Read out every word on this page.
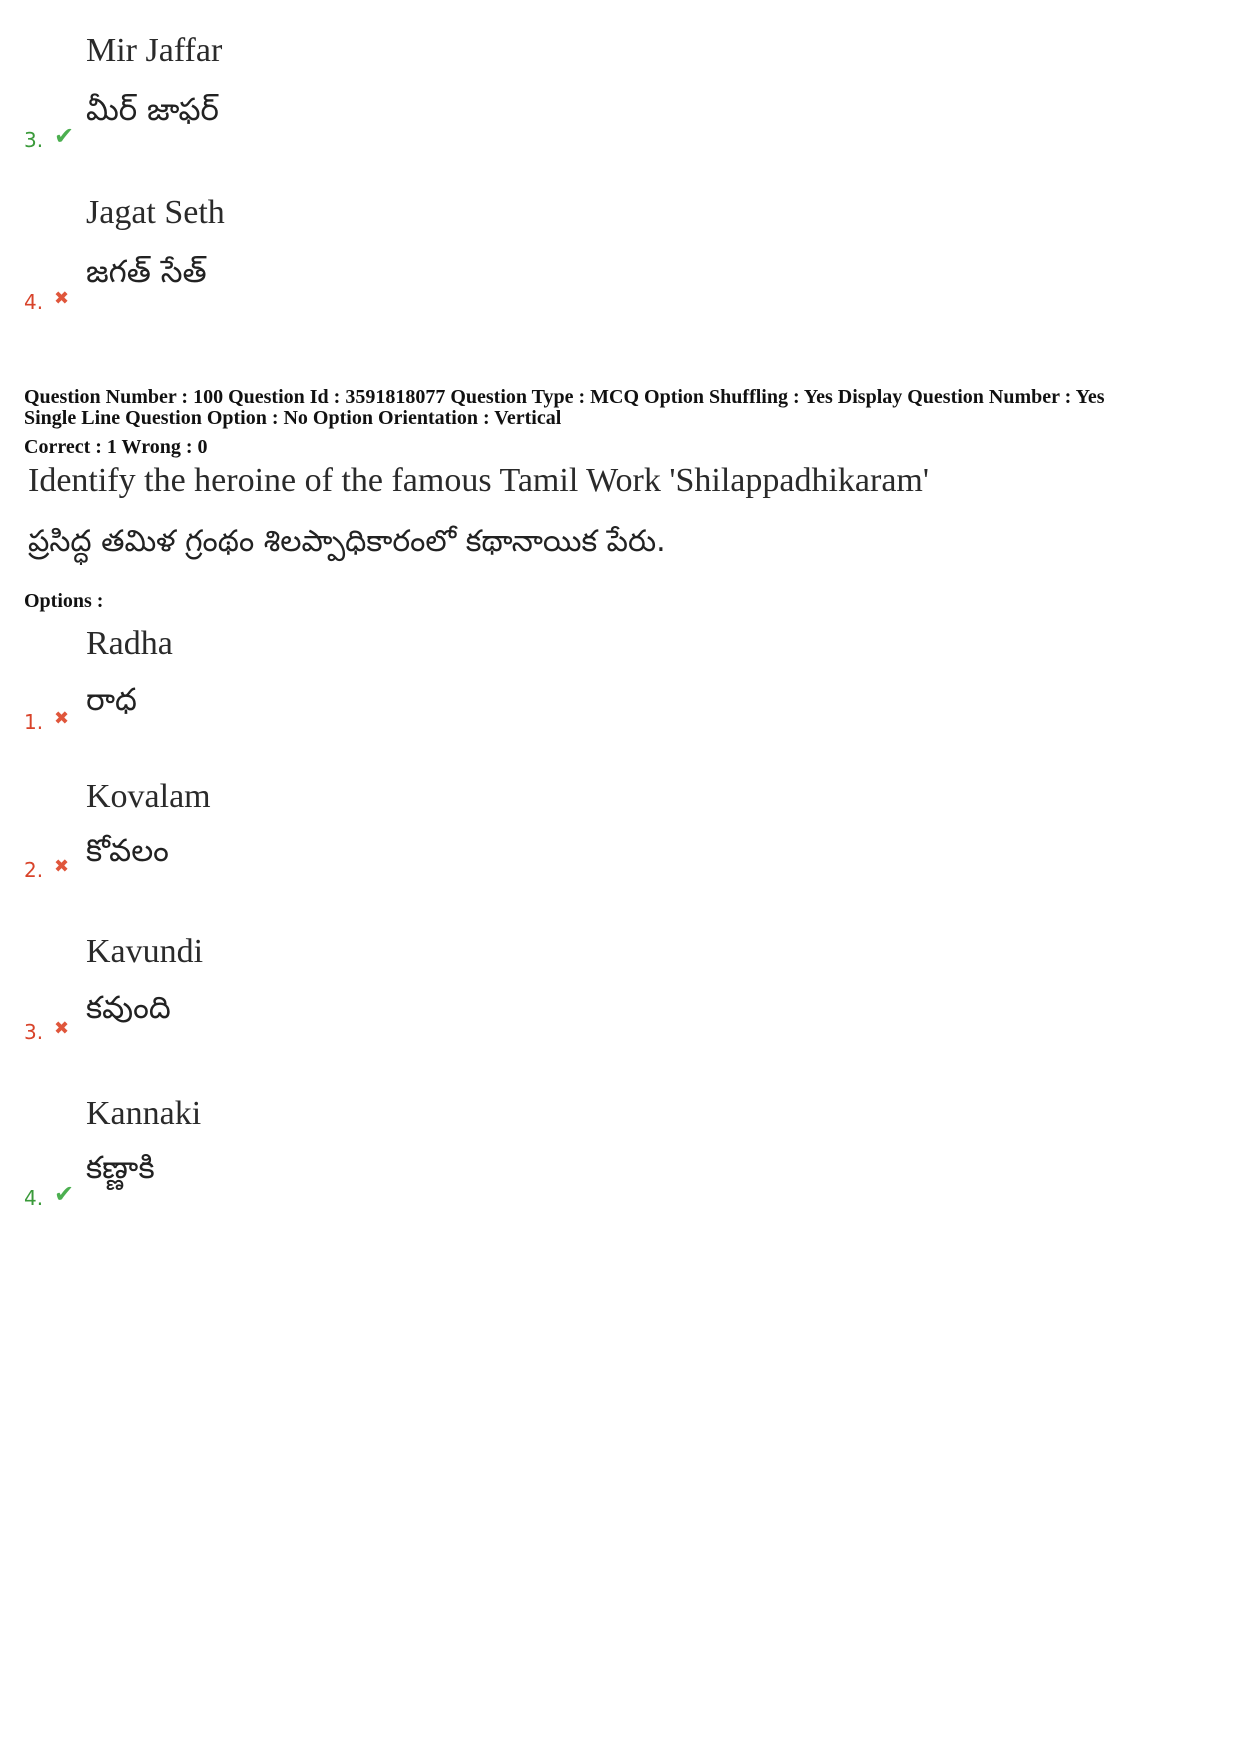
Mir Jaffar
మీర్ జాఫర్
3. ✔
Jagat Seth
జగత్ సేత్
4. ✖
Question Number : 100 Question Id : 3591818077 Question Type : MCQ Option Shuffling : Yes Display Question Number : Yes
Single Line Question Option : No Option Orientation : Vertical
Correct : 1 Wrong : 0
Identify the heroine of the famous Tamil Work 'Shilappadhikaram'
ప్రసిద్ధ తమిళ గ్రంథం శిలప్పాధికారంలో కథానాయిక పేరు.
Options :
Radha
రాధ
1. ✖
Kovalam
కోవలం
2. ✖
Kavundi
కవుంది
3. ✖
Kannaki
కణ్ణాకి
4. ✔
